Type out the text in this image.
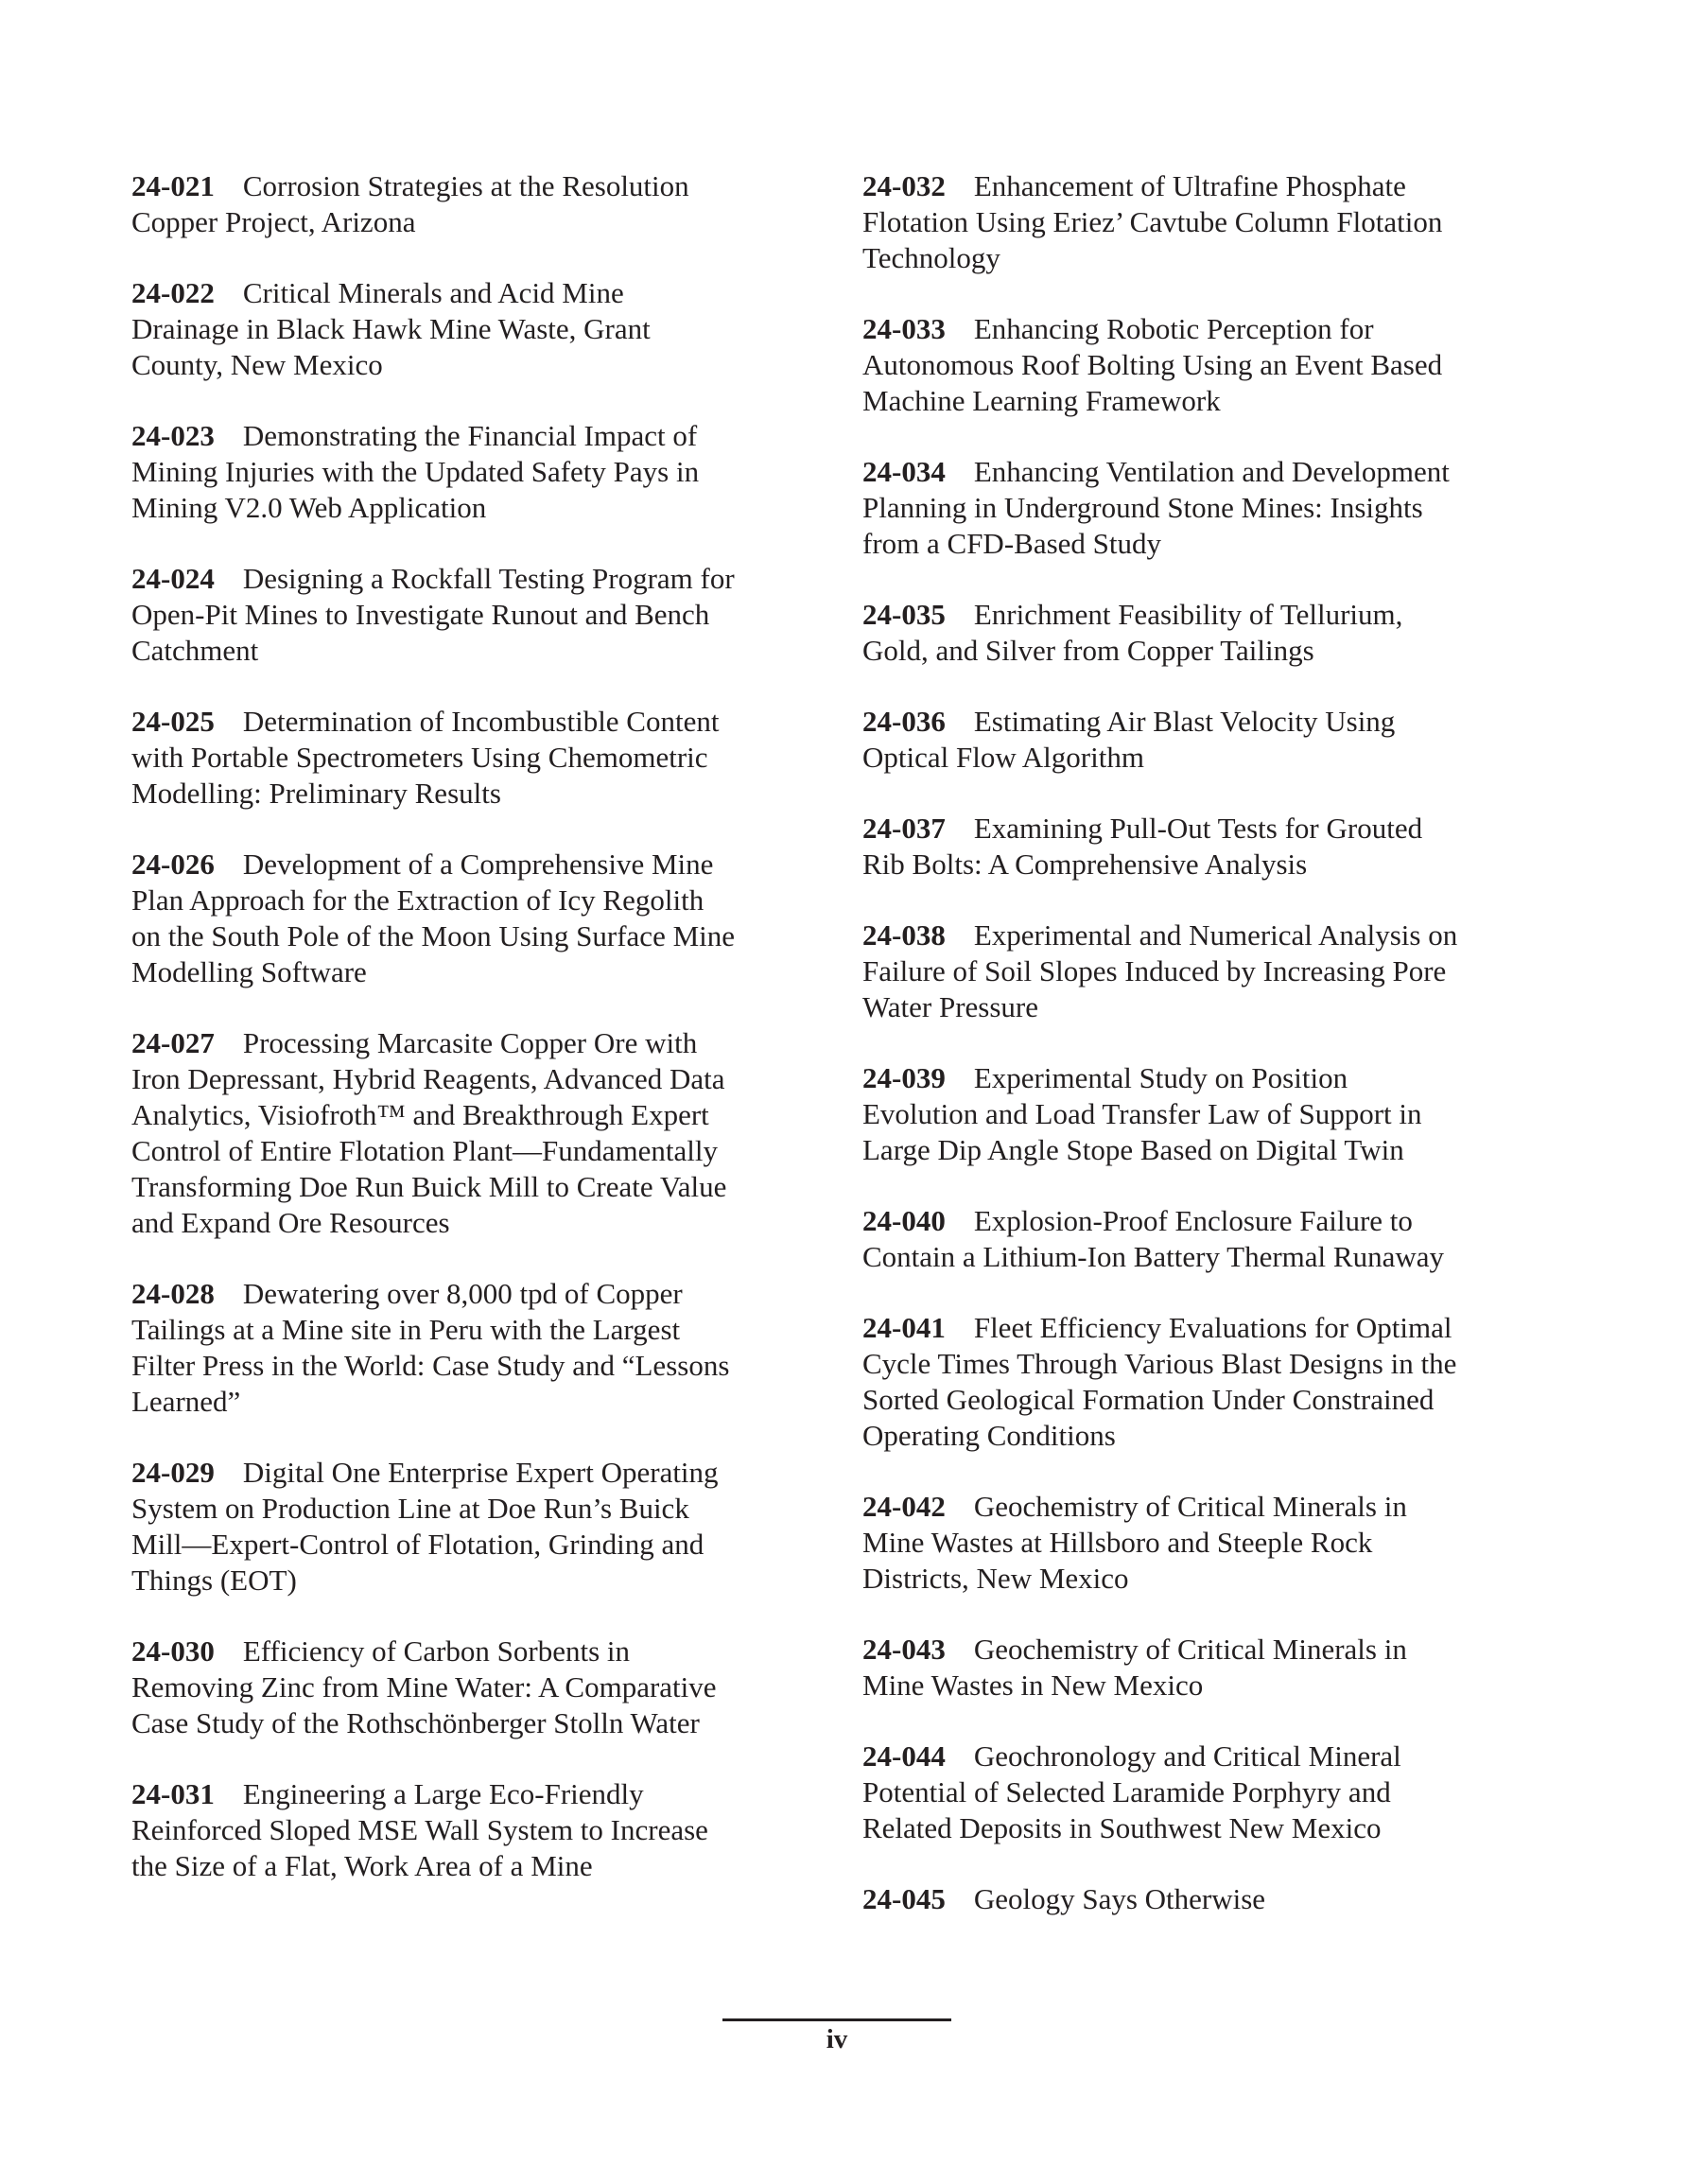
24-021 Corrosion Strategies at the Resolution Copper Project, Arizona
24-022 Critical Minerals and Acid Mine Drainage in Black Hawk Mine Waste, Grant County, New Mexico
24-023 Demonstrating the Financial Impact of Mining Injuries with the Updated Safety Pays in Mining V2.0 Web Application
24-024 Designing a Rockfall Testing Program for Open-Pit Mines to Investigate Runout and Bench Catchment
24-025 Determination of Incombustible Content with Portable Spectrometers Using Chemometric Modelling: Preliminary Results
24-026 Development of a Comprehensive Mine Plan Approach for the Extraction of Icy Regolith on the South Pole of the Moon Using Surface Mine Modelling Software
24-027 Processing Marcasite Copper Ore with Iron Depressant, Hybrid Reagents, Advanced Data Analytics, Visiofroth™ and Breakthrough Expert Control of Entire Flotation Plant—Fundamentally Transforming Doe Run Buick Mill to Create Value and Expand Ore Resources
24-028 Dewatering over 8,000 tpd of Copper Tailings at a Mine site in Peru with the Largest Filter Press in the World: Case Study and “Lessons Learned”
24-029 Digital One Enterprise Expert Operating System on Production Line at Doe Run’s Buick Mill—Expert-Control of Flotation, Grinding and Things (EOT)
24-030 Efficiency of Carbon Sorbents in Removing Zinc from Mine Water: A Comparative Case Study of the Rothschönberger Stolln Water
24-031 Engineering a Large Eco-Friendly Reinforced Sloped MSE Wall System to Increase the Size of a Flat, Work Area of a Mine
24-032 Enhancement of Ultrafine Phosphate Flotation Using Eriez’ Cavtube Column Flotation Technology
24-033 Enhancing Robotic Perception for Autonomous Roof Bolting Using an Event Based Machine Learning Framework
24-034 Enhancing Ventilation and Development Planning in Underground Stone Mines: Insights from a CFD-Based Study
24-035 Enrichment Feasibility of Tellurium, Gold, and Silver from Copper Tailings
24-036 Estimating Air Blast Velocity Using Optical Flow Algorithm
24-037 Examining Pull-Out Tests for Grouted Rib Bolts: A Comprehensive Analysis
24-038 Experimental and Numerical Analysis on Failure of Soil Slopes Induced by Increasing Pore Water Pressure
24-039 Experimental Study on Position Evolution and Load Transfer Law of Support in Large Dip Angle Stope Based on Digital Twin
24-040 Explosion-Proof Enclosure Failure to Contain a Lithium-Ion Battery Thermal Runaway
24-041 Fleet Efficiency Evaluations for Optimal Cycle Times Through Various Blast Designs in the Sorted Geological Formation Under Constrained Operating Conditions
24-042 Geochemistry of Critical Minerals in Mine Wastes at Hillsboro and Steeple Rock Districts, New Mexico
24-043 Geochemistry of Critical Minerals in Mine Wastes in New Mexico
24-044 Geochronology and Critical Mineral Potential of Selected Laramide Porphyry and Related Deposits in Southwest New Mexico
24-045 Geology Says Otherwise
iv
